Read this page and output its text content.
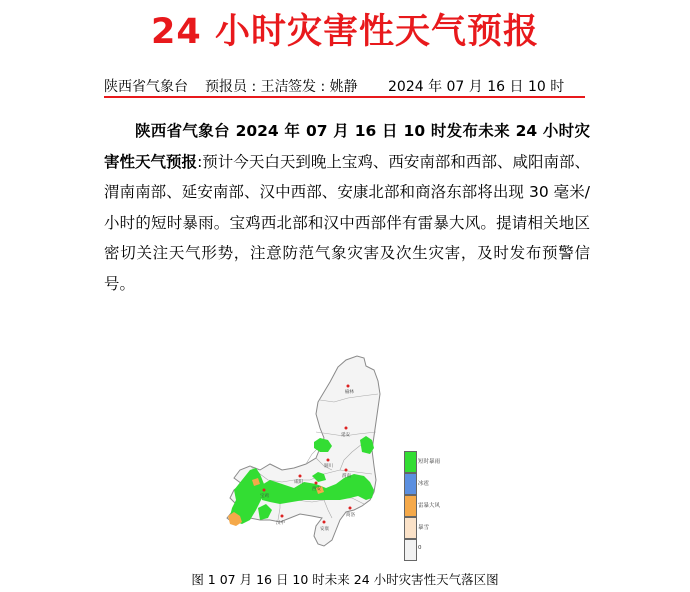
24 小时灾害性天气预报
陕西省气象台 预报员 : 王洁 签发 : 姚静 2024 年 07 月 16 日 10 时
陕西省气象台 2024 年 07 月 16 日 10 时发布未来 24 小时灾害性天气预报:预计今天白天到晚上宝鸡、西安南部和西部、咸阳南部、渭南南部、延安南部、汉中西部、安康北部和商洛东部将出现 30 毫米/小时的短时暴雨。宝鸡西北部和汉中西部伴有雷暴大风。提请相关地区密切关注天气形势，注意防范气象灾害及次生灾害，及时发布预警信号。
榆林
延安
宝鸡
西安
汉中
安康
商洛
渭南
铜川
咸阳
短时暴雨
冰雹
雷暴大风
暴雪
0
图 1 07 月 16 日 10 时未来 24 小时灾害性天气落区图
